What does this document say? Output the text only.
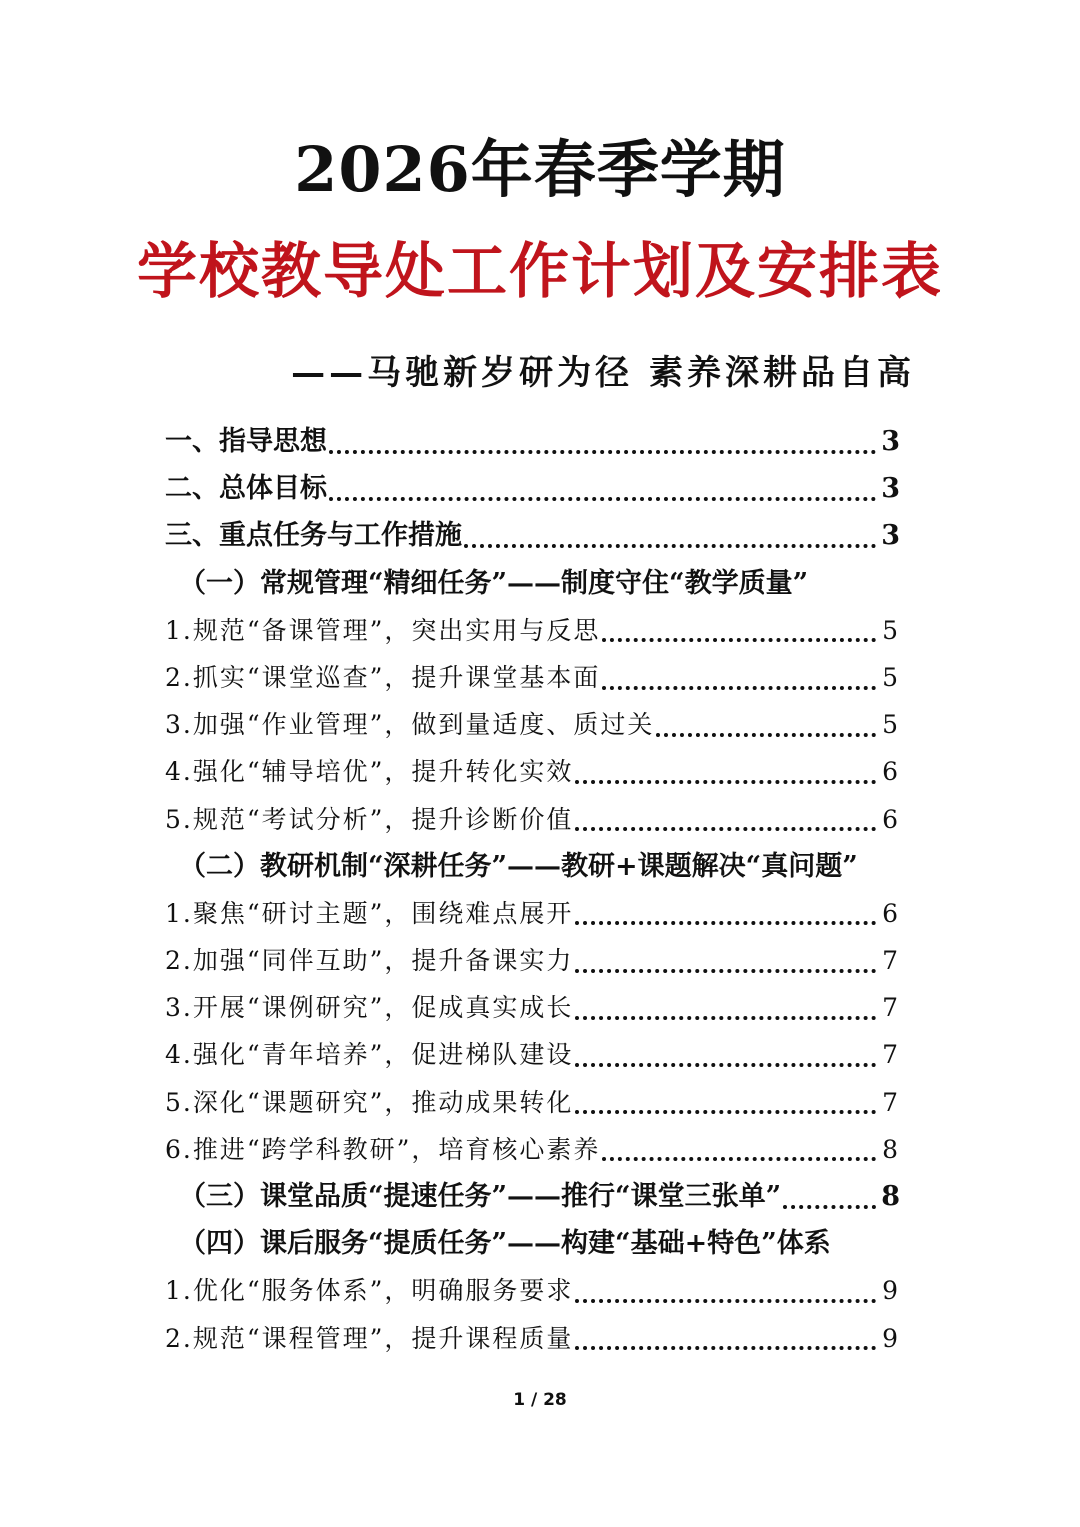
2026年春季学期
学校教导处工作计划及安排表
——马驰新岁研为径 素养深耕品自高
一、指导思想	3
二、总体目标	3
三、重点任务与工作措施	3
（一）常规管理“精细任务”——制度守住“教学质量”
1.规范“备课管理”，突出实用与反思	5
2.抓实“课堂巡查”，提升课堂基本面	5
3.加强“作业管理”，做到量适度、质过关	5
4.强化“辅导培优”，提升转化实效	6
5.规范“考试分析”，提升诊断价值	6
（二）教研机制“深耕任务”——教研+课题解决“真问题”
1.聚焦“研讨主题”，围绕难点展开	6
2.加强“同伴互助”，提升备课实力	7
3.开展“课例研究”，促成真实成长	7
4.强化“青年培养”，促进梯队建设	7
5.深化“课题研究”，推动成果转化	7
6.推进“跨学科教研”，培育核心素养	8
（三）课堂品质“提速任务”——推行“课堂三张单”	8
（四）课后服务“提质任务”——构建“基础+特色”体系
1.优化“服务体系”，明确服务要求	9
2.规范“课程管理”，提升课程质量	9
1 / 28
